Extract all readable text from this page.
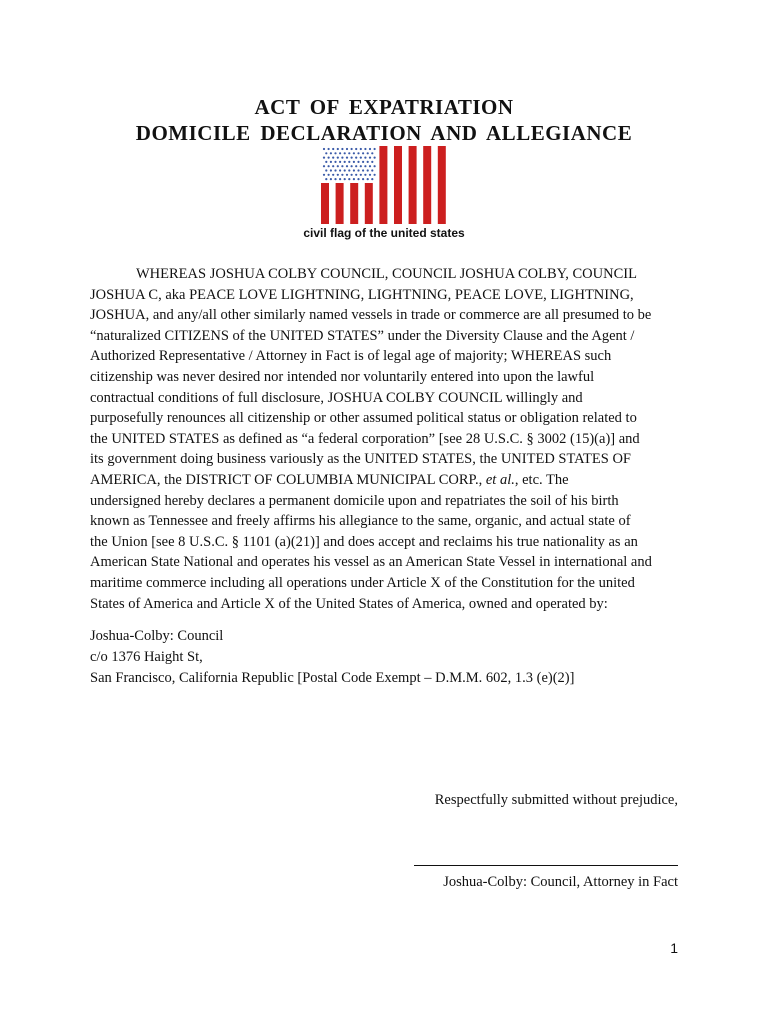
ACT OF EXPATRIATION
DOMICILE DECLARATION AND ALLEGIANCE
civil flag of the united states
WHEREAS JOSHUA COLBY COUNCIL, COUNCIL JOSHUA COLBY, COUNCIL
JOSHUA C, aka PEACE LOVE LIGHTNING, LIGHTNING, PEACE LOVE, LIGHTNING,
JOSHUA, and any/all other similarly named vessels in trade or commerce are all presumed to be
“naturalized CITIZENS of the UNITED STATES” under the Diversity Clause and the Agent /
Authorized Representative / Attorney in Fact is of legal age of majority; WHEREAS such
citizenship was never desired nor intended nor voluntarily entered into upon the lawful
contractual conditions of full disclosure, JOSHUA COLBY COUNCIL willingly and
purposefully renounces all citizenship or other assumed political status or obligation related to
the UNITED STATES as defined as “a federal corporation” [see 28 U.S.C. § 3002 (15)(a)] and
its government doing business variously as the UNITED STATES, the UNITED STATES OF
AMERICA, the DISTRICT OF COLUMBIA MUNICIPAL CORP., et al., etc. The
undersigned hereby declares a permanent domicile upon and repatriates the soil of his birth
known as Tennessee and freely affirms his allegiance to the same, organic, and actual state of
the Union [see 8 U.S.C. § 1101 (a)(21)] and does accept and reclaims his true nationality as an
American State National and operates his vessel as an American State Vessel in international and
maritime commerce including all operations under Article X of the Constitution for the united
States of America and Article X of the United States of America, owned and operated by:
Joshua-Colby: Council
c/o 1376 Haight St,
San Francisco, California Republic [Postal Code Exempt – D.M.M. 602, 1.3 (e)(2)]
Respectfully submitted without prejudice,
Joshua-Colby: Council, Attorney in Fact
1
